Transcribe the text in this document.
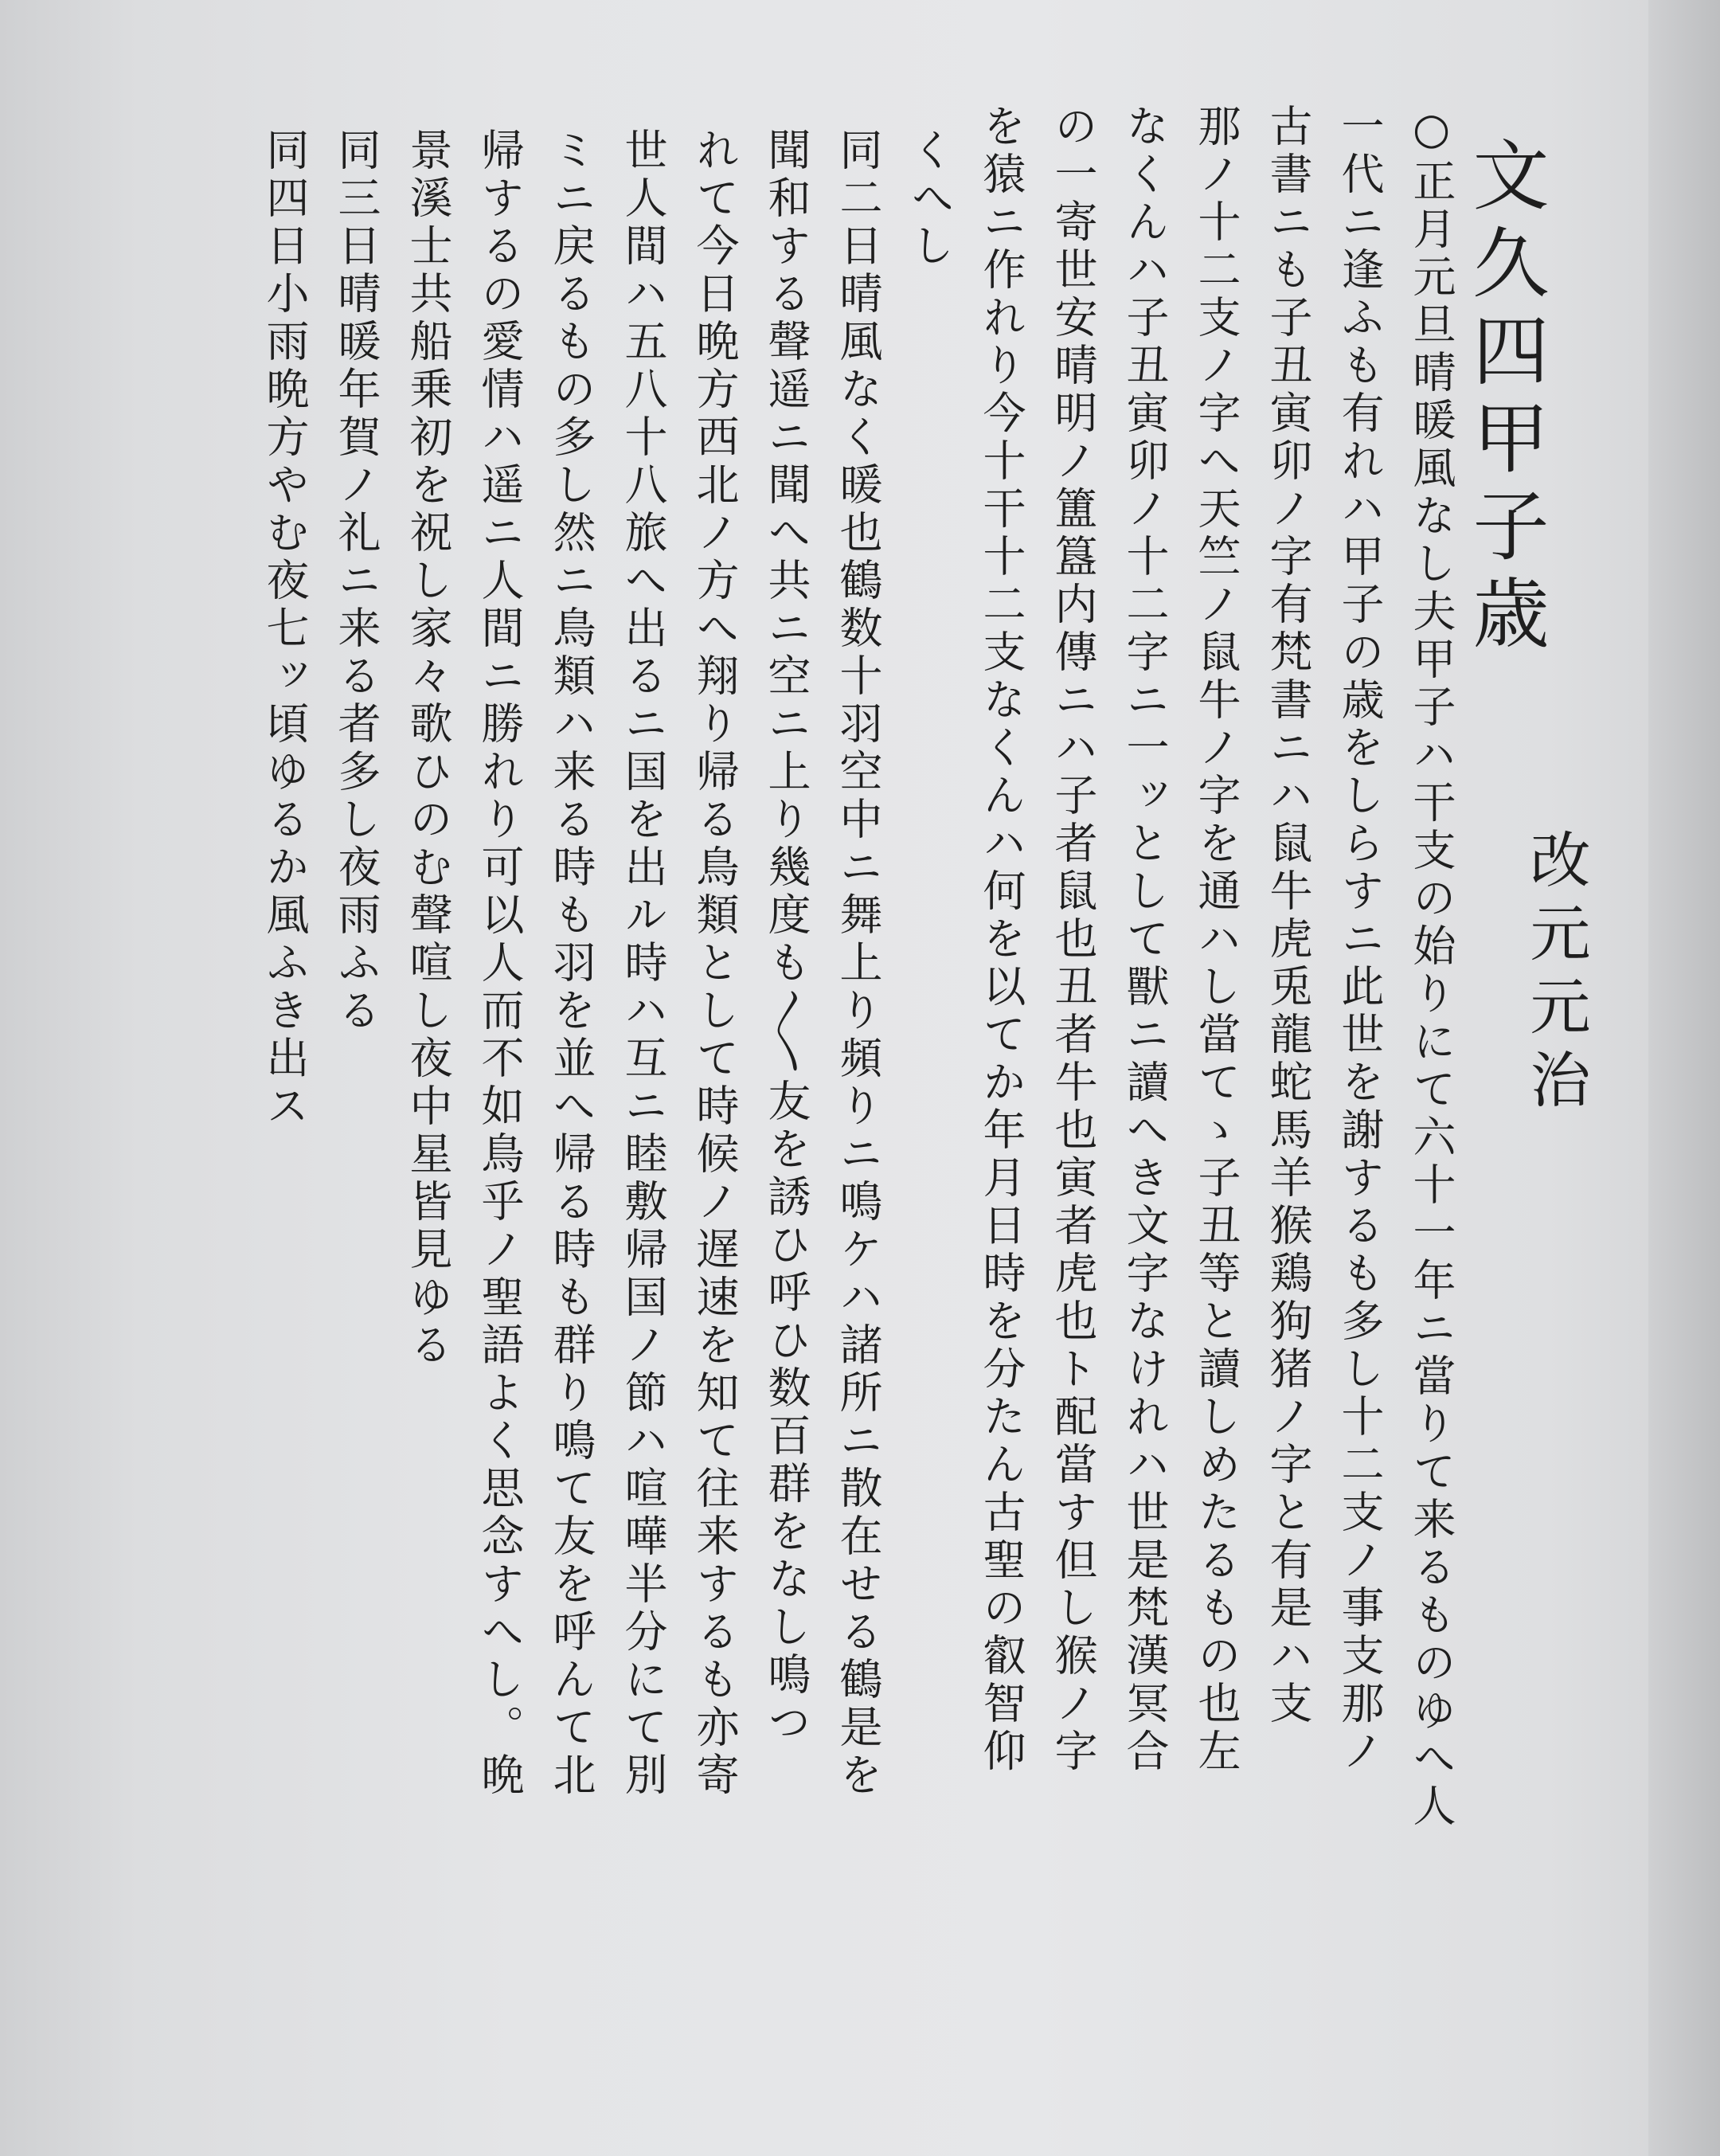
文久四甲子歳
改元元治
○正月元旦晴暖風なし夫甲子ハ干支の始りにて六十一年ニ當りて来るものゆへ人
一代ニ逢ふも有れハ甲子の歳をしらすニ此世を謝するも多し十二支ノ事支那ノ
古書ニも子丑寅卯ノ字有梵書ニハ鼠牛虎兎龍蛇馬羊猴鶏狗猪ノ字と有是ハ支
那ノ十二支ノ字へ天竺ノ鼠牛ノ字を通ハし當てゝ子丑等と讀しめたるもの也左
なくんハ子丑寅卯ノ十二字ニ一ッとして獸ニ讀へき文字なけれハ世是梵漢冥合
の一寄世安晴明ノ簠簋内傳ニハ子者鼠也丑者牛也寅者虎也ト配當す但し猴ノ字
を猿ニ作れり今十干十二支なくんハ何を以てか年月日時を分たん古聖の叡智仰
くへし
同二日晴風なく暖也鶴数十羽空中ニ舞上り頻りニ鳴ケハ諸所ニ散在せる鶴是を
聞和する聲遥ニ聞へ共ニ空ニ上り幾度も〳〵友を誘ひ呼ひ数百群をなし鳴つ
れて今日晩方西北ノ方へ翔り帰る鳥類として時候ノ遅速を知て往来するも亦寄
世人間ハ五八十八旅へ出るニ国を出ル時ハ互ニ睦敷帰国ノ節ハ喧嘩半分にて別
ミニ戻るもの多し然ニ鳥類ハ来る時も羽を並へ帰る時も群り鳴て友を呼んて北
帰するの愛情ハ遥ニ人間ニ勝れり可以人而不如鳥乎ノ聖語よく思念すへし。晩
景溪士共船乗初を祝し家々歌ひのむ聲喧し夜中星皆見ゆる
同三日晴暖年賀ノ礼ニ来る者多し夜雨ふる
同四日小雨晩方やむ夜七ッ頃ゆるか風ふき出ス
